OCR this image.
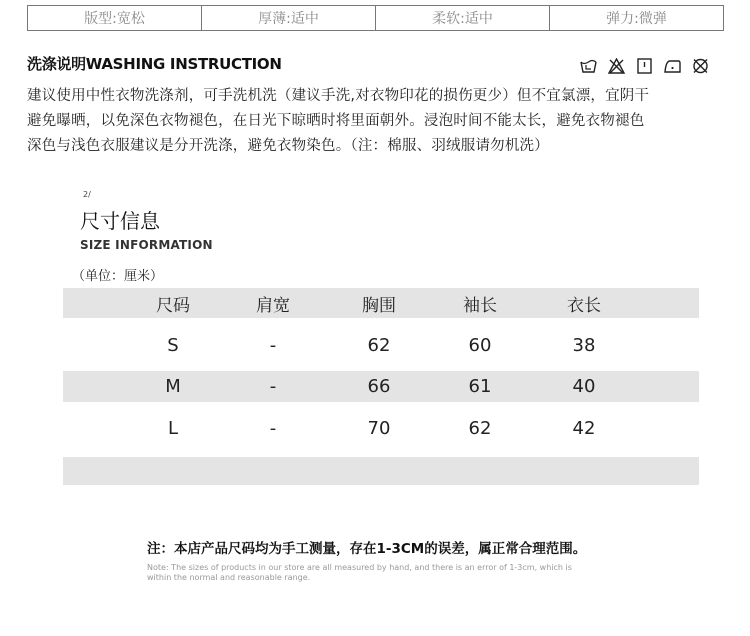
版型:宽松	厚薄:适中	柔软:适中	弹力:微弹
洗涤说明WASHING INSTRUCTION
建议使用中性衣物洗涤剂，可手洗机洗（建议手洗,对衣物印花的损伤更少）但不宜氯漂，宜阴干
避免曝晒，以免深色衣物褪色，在日光下晾晒时将里面朝外。浸泡时间不能太长，避免衣物褪色
深色与浅色衣服建议是分开洗涤，避免衣物染色。（注：棉服、羽绒服请勿机洗）
2/
尺寸信息
SIZE INFORMATION
（单位：厘米）
尺码	肩宽	胸围	袖长	衣长
S	-	62	60	38
M	-	66	61	40
L	-	70	62	42
注：本店产品尺码均为手工测量，存在1-3CM的误差，属正常合理范围。
Note: The sizes of products in our store are all measured by hand, and there is an error of 1-3cm, which is
within the normal and reasonable range.
